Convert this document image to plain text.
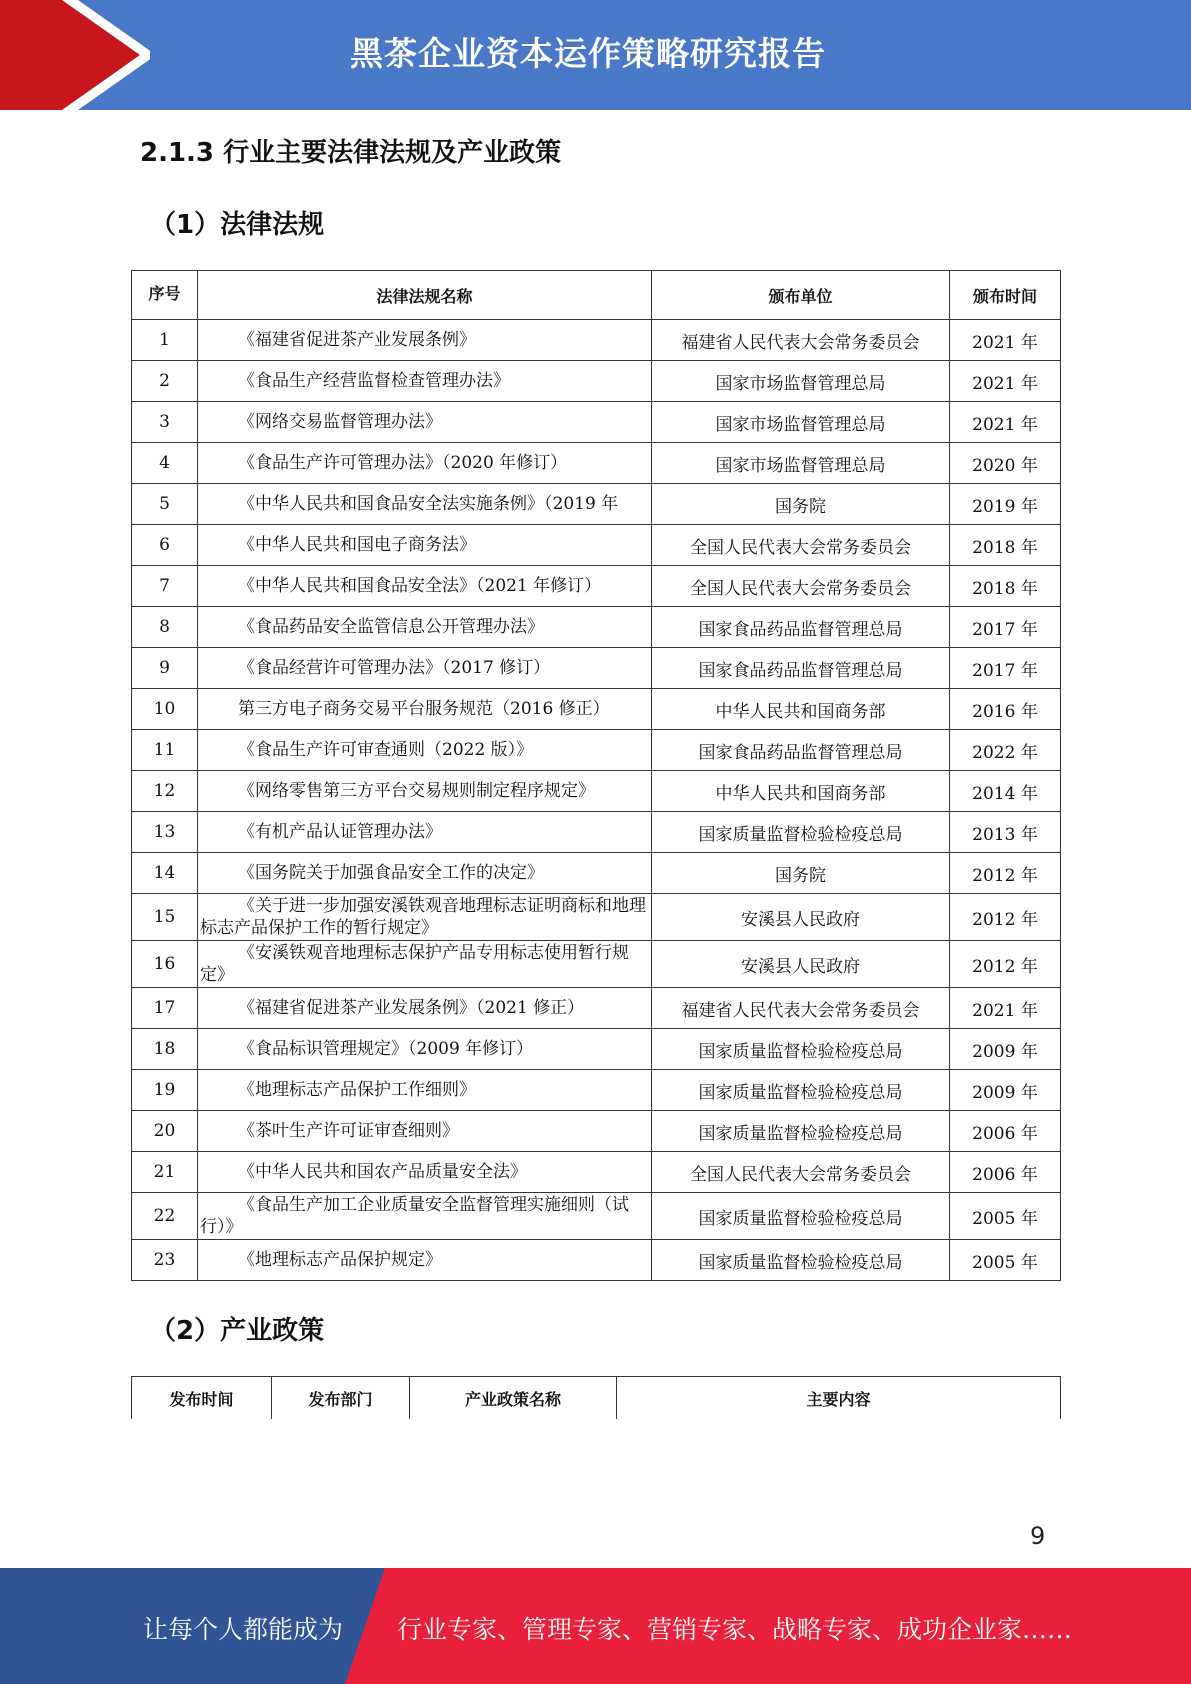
黑茶企业资本运作策略研究报告
2.1.3 行业主要法律法规及产业政策
（1）法律法规
序号	法律法规名称	颁布单位	颁布时间
1	《福建省促进茶产业发展条例》	福建省人民代表大会常务委员会	2021 年
2	《食品生产经营监督检查管理办法》	国家市场监督管理总局	2021 年
3	《网络交易监督管理办法》	国家市场监督管理总局	2021 年
4	《食品生产许可管理办法》（2020 年修订）	国家市场监督管理总局	2020 年
5	《中华人民共和国食品安全法实施条例》（2019 年	国务院	2019 年
6	《中华人民共和国电子商务法》	全国人民代表大会常务委员会	2018 年
7	《中华人民共和国食品安全法》（2021 年修订）	全国人民代表大会常务委员会	2018 年
8	《食品药品安全监管信息公开管理办法》	国家食品药品监督管理总局	2017 年
9	《食品经营许可管理办法》（2017 修订）	国家食品药品监督管理总局	2017 年
10	第三方电子商务交易平台服务规范（2016 修正）	中华人民共和国商务部	2016 年
11	《食品生产许可审查通则（2022 版）》	国家食品药品监督管理总局	2022 年
12	《网络零售第三方平台交易规则制定程序规定》	中华人民共和国商务部	2014 年
13	《有机产品认证管理办法》	国家质量监督检验检疫总局	2013 年
14	《国务院关于加强食品安全工作的决定》	国务院	2012 年
15	《关于进一步加强安溪铁观音地理标志证明商标和地理 标志产品保护工作的暂行规定》	安溪县人民政府	2012 年
16	《安溪铁观音地理标志保护产品专用标志使用暂行规定》	安溪县人民政府	2012 年
17	《福建省促进茶产业发展条例》（2021 修正）	福建省人民代表大会常务委员会	2021 年
18	《食品标识管理规定》（2009 年修订）	国家质量监督检验检疫总局	2009 年
19	《地理标志产品保护工作细则》	国家质量监督检验检疫总局	2009 年
20	《茶叶生产许可证审查细则》	国家质量监督检验检疫总局	2006 年
21	《中华人民共和国农产品质量安全法》	全国人民代表大会常务委员会	2006 年
22	《食品生产加工企业质量安全监督管理实施细则（试行）》	国家质量监督检验检疫总局	2005 年
23	《地理标志产品保护规定》	国家质量监督检验检疫总局	2005 年
（2）产业政策
发布时间	发布部门	产业政策名称	主要内容
9
让每个人都能成为 行业专家、管理专家、营销专家、战略专家、成功企业家……
